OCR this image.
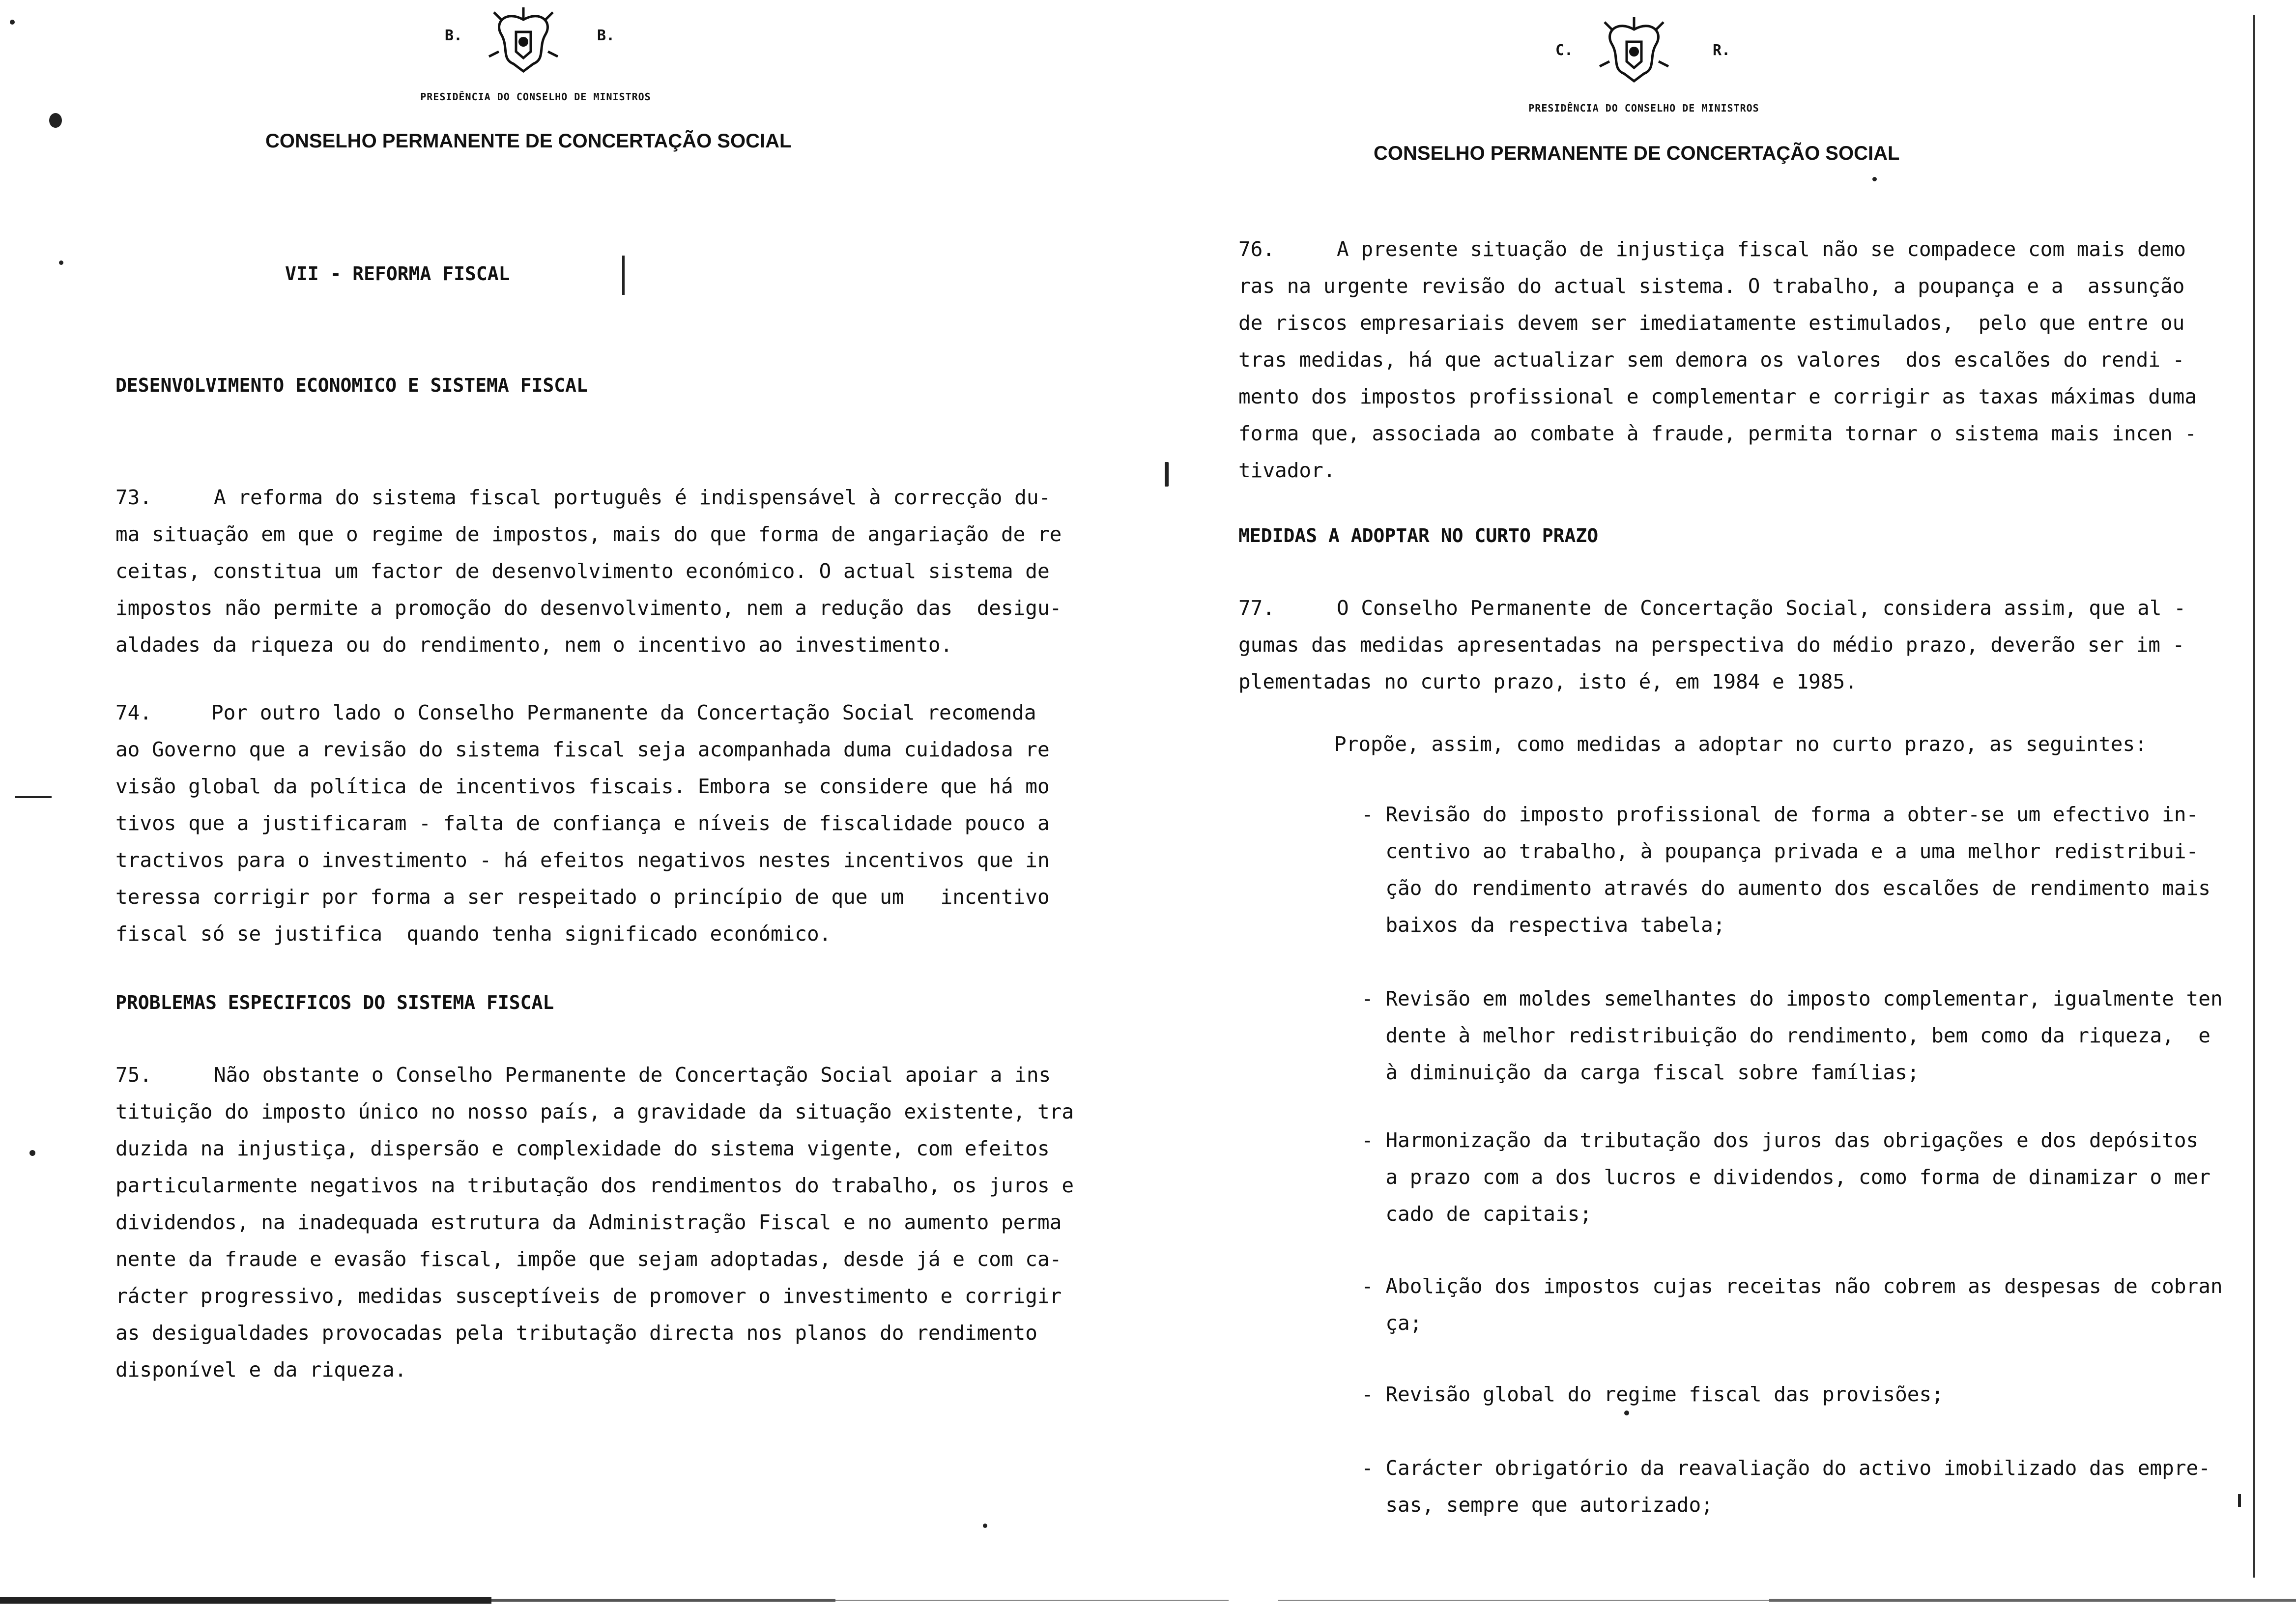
B.	B.
PRESIDÊNCIA DO CONSELHO DE MINISTROS
CONSELHO PERMANENTE DE CONCERTAÇÃO SOCIAL
VII - REFORMA FISCAL
DESENVOLVIMENTO ECONOMICO E SISTEMA FISCAL
73.	A reforma do sistema fiscal português é indispensável à correcção du-
ma situação em que o regime de impostos, mais do que forma de angariação de re
ceitas, constitua um factor de desenvolvimento económico. O actual sistema de
impostos não permite a promoção do desenvolvimento, nem a redução das  desigu-
aldades da riqueza ou do rendimento, nem o incentivo ao investimento.
74.	Por outro lado o Conselho Permanente da Concertação Social recomenda
ao Governo que a revisão do sistema fiscal seja acompanhada duma cuidadosa re
visão global da política de incentivos fiscais. Embora se considere que há mo
tivos que a justificaram - falta de confiança e níveis de fiscalidade pouco a
tractivos para o investimento - há efeitos negativos nestes incentivos que in
teressa corrigir por forma a ser respeitado o princípio de que um   incentivo
fiscal só se justifica  quando tenha significado económico.
PROBLEMAS ESPECIFICOS DO SISTEMA FISCAL
75.	Não obstante o Conselho Permanente de Concertação Social apoiar a ins
tituição do imposto único no nosso país, a gravidade da situação existente, tra
duzida na injustiça, dispersão e complexidade do sistema vigente, com efeitos
particularmente negativos na tributação dos rendimentos do trabalho, os juros e
dividendos, na inadequada estrutura da Administração Fiscal e no aumento perma
nente da fraude e evasão fiscal, impõe que sejam adoptadas, desde já e com ca-
rácter progressivo, medidas susceptíveis de promover o investimento e corrigir
as desigualdades provocadas pela tributação directa nos planos do rendimento
disponível e da riqueza.
C.	R.
PRESIDÊNCIA DO CONSELHO DE MINISTROS
CONSELHO PERMANENTE DE CONCERTAÇÃO SOCIAL
76.	A presente situação de injustiça fiscal não se compadece com mais demo
ras na urgente revisão do actual sistema. O trabalho, a poupança e a  assunção
de riscos empresariais devem ser imediatamente estimulados,  pelo que entre ou
tras medidas, há que actualizar sem demora os valores  dos escalões do rendi -
mento dos impostos profissional e complementar e corrigir as taxas máximas duma
forma que, associada ao combate à fraude, permita tornar o sistema mais incen -
tivador.
MEDIDAS A ADOPTAR NO CURTO PRAZO
77.	O Conselho Permanente de Concertação Social, considera assim, que al -
gumas das medidas apresentadas na perspectiva do médio prazo, deverão ser im -
plementadas no curto prazo, isto é, em 1984 e 1985.
Propõe, assim, como medidas a adoptar no curto prazo, as seguintes:
- Revisão do imposto profissional de forma a obter-se um efectivo in-
centivo ao trabalho, à poupança privada e a uma melhor redistribui-
ção do rendimento através do aumento dos escalões de rendimento mais
baixos da respectiva tabela;
- Revisão em moldes semelhantes do imposto complementar, igualmente ten
dente à melhor redistribuição do rendimento, bem como da riqueza,  e
à diminuição da carga fiscal sobre famílias;
- Harmonização da tributação dos juros das obrigações e dos depósitos
a prazo com a dos lucros e dividendos, como forma de dinamizar o mer
cado de capitais;
- Abolição dos impostos cujas receitas não cobrem as despesas de cobran
ça;
- Revisão global do regime fiscal das provisões;
- Carácter obrigatório da reavaliação do activo imobilizado das empre-
sas, sempre que autorizado;
